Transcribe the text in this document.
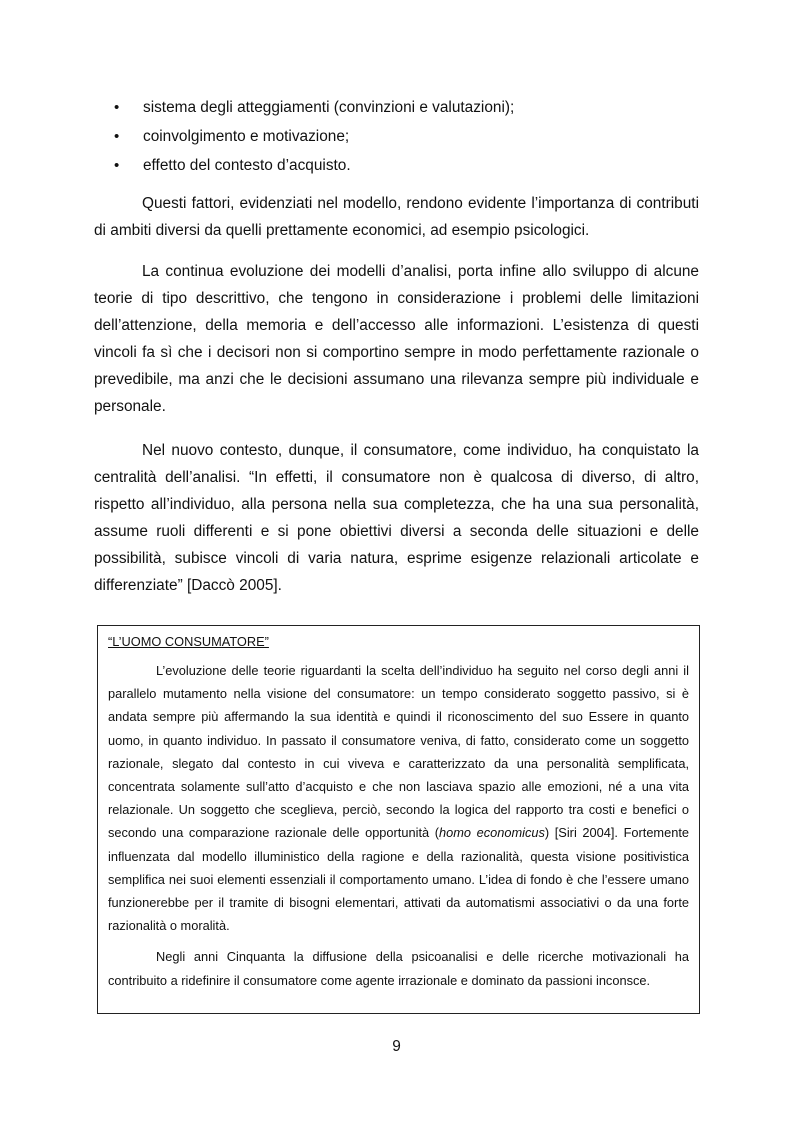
• sistema degli atteggiamenti (convinzioni e valutazioni);
• coinvolgimento e motivazione;
• effetto del contesto d’acquisto.

Questi fattori, evidenziati nel modello, rendono evidente l’importanza di contributi di ambiti diversi da quelli prettamente economici, ad esempio psicologici.

La continua evoluzione dei modelli d’analisi, porta infine allo sviluppo di alcune teorie di tipo descrittivo, che tengono in considerazione i problemi delle limitazioni dell’attenzione, della memoria e dell’accesso alle informazioni. L’esistenza di questi vincoli fa sì che i decisori non si comportino sempre in modo perfettamente razionale o prevedibile, ma anzi che le decisioni assumano una rilevanza sempre più individuale e personale.

Nel nuovo contesto, dunque, il consumatore, come individuo, ha conquistato la centralità dell’analisi. “In effetti, il consumatore non è qualcosa di diverso, di altro, rispetto all’individuo, alla persona nella sua completezza, che ha una sua personalità, assume ruoli differenti e si pone obiettivi diversi a seconda delle situazioni e delle possibilità, subisce vincoli di varia natura, esprime esigenze relazionali articolate e differenziate” [Daccò 2005].

“L’UOMO CONSUMATORE”

L’evoluzione delle teorie riguardanti la scelta dell’individuo ha seguito nel corso degli anni il parallelo mutamento nella visione del consumatore: un tempo considerato soggetto passivo, si è andata sempre più affermando la sua identità e quindi il riconoscimento del suo Essere in quanto uomo, in quanto individuo. In passato il consumatore veniva, di fatto, considerato come un soggetto razionale, slegato dal contesto in cui viveva e caratterizzato da una personalità semplificata, concentrata solamente sull’atto d’acquisto e che non lasciava spazio alle emozioni, né a una vita relazionale. Un soggetto che sceglieva, perciò, secondo la logica del rapporto tra costi e benefici o secondo una comparazione razionale delle opportunità (homo economicus) [Siri 2004]. Fortemente influenzata dal modello illuministico della ragione e della razionalità, questa visione positivistica semplifica nei suoi elementi essenziali il comportamento umano. L’idea di fondo è che l’essere umano funzionerebbe per il tramite di bisogni elementari, attivati da automatismi associativi o da una forte razionalità o moralità.

Negli anni Cinquanta la diffusione della psicoanalisi e delle ricerche motivazionali ha contribuito a ridefinire il consumatore come agente irrazionale e dominato da passioni inconsce.

9
